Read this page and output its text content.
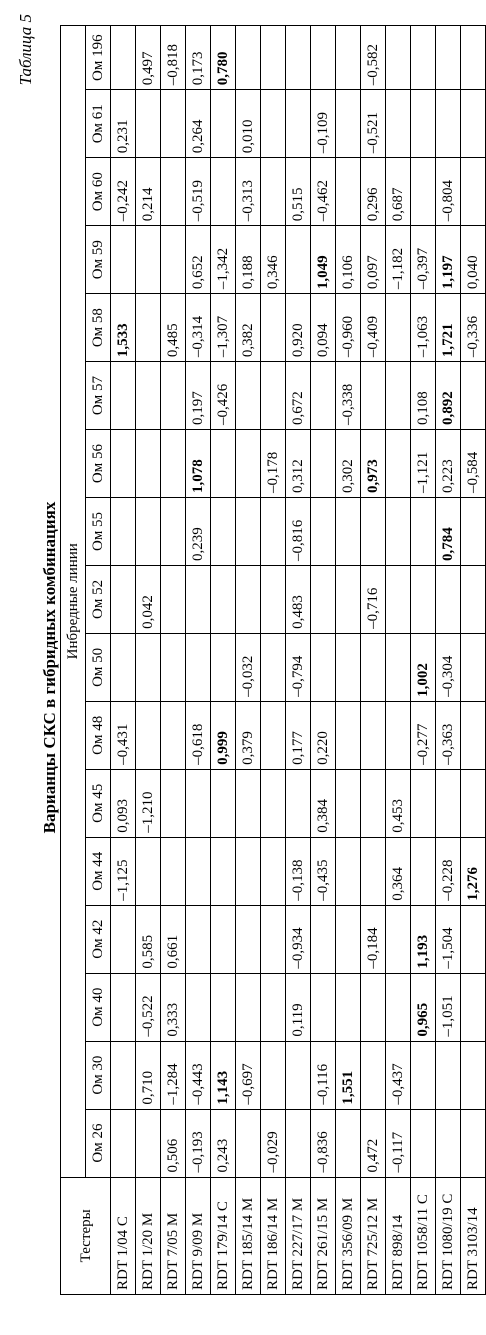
Таблица 5
Варианцы СКС в гибридных комбинациях
Тестеры	Инбредные линии																
	Ом 26	Ом 30	Ом 40	Ом 42	Ом 44	Ом 45	Ом 48	Ом 50	Ом 52	Ом 55	Ом 56	Ом 57	Ом 58	Ом 59	Ом 60	Ом 61	Ом 196
RDT 1/04 С					–1,125	0,093	–0,431						1,533		–0,242	0,231	
RDT 1/20 М		0,710	–0,522	0,585		–1,210			0,042						0,214		0,497
RDT 7/05 М	0,506	–1,284	0,333	0,661									0,485				–0,818
RDT 9/09 М	–0,193	–0,443					–0,618			0,239	1,078	0,197	–0,314	0,652	–0,519	0,264	0,173
RDT 179/14 С	0,243	1,143					0,999					–0,426	–1,307	–1,342			0,780
RDT 185/14 М		–0,697					0,379	–0,032					0,382	0,188	–0,313	0,010	
RDT 186/14 М	–0,029										–0,178			0,346			
RDT 227/17 М			0,119	–0,934	–0,138		0,177	–0,794	0,483	–0,816	0,312	0,672	0,920		0,515		
RDT 261/15 М	–0,836	–0,116			–0,435	0,384	0,220						0,094	1,049	–0,462	–0,109	
RDT 356/09 М		1,551									0,302	–0,338	–0,960	0,106			
RDT 725/12 М	0,472			–0,184					–0,716		0,973		–0,409	0,097	0,296	–0,521	–0,582
RDT 898/14	–0,117	–0,437			0,364	0,453								–1,182	0,687		
RDT 1058/11 С			0,965	1,193			–0,277	1,002			–1,121	0,108	–1,063	–0,397			
RDT 1080/19 С			–1,051	–1,504	–0,228		–0,363	–0,304		0,784	0,223	0,892	1,721	1,197	–0,804		
RDT 3103/14					1,276						–0,584		–0,336	0,040			
